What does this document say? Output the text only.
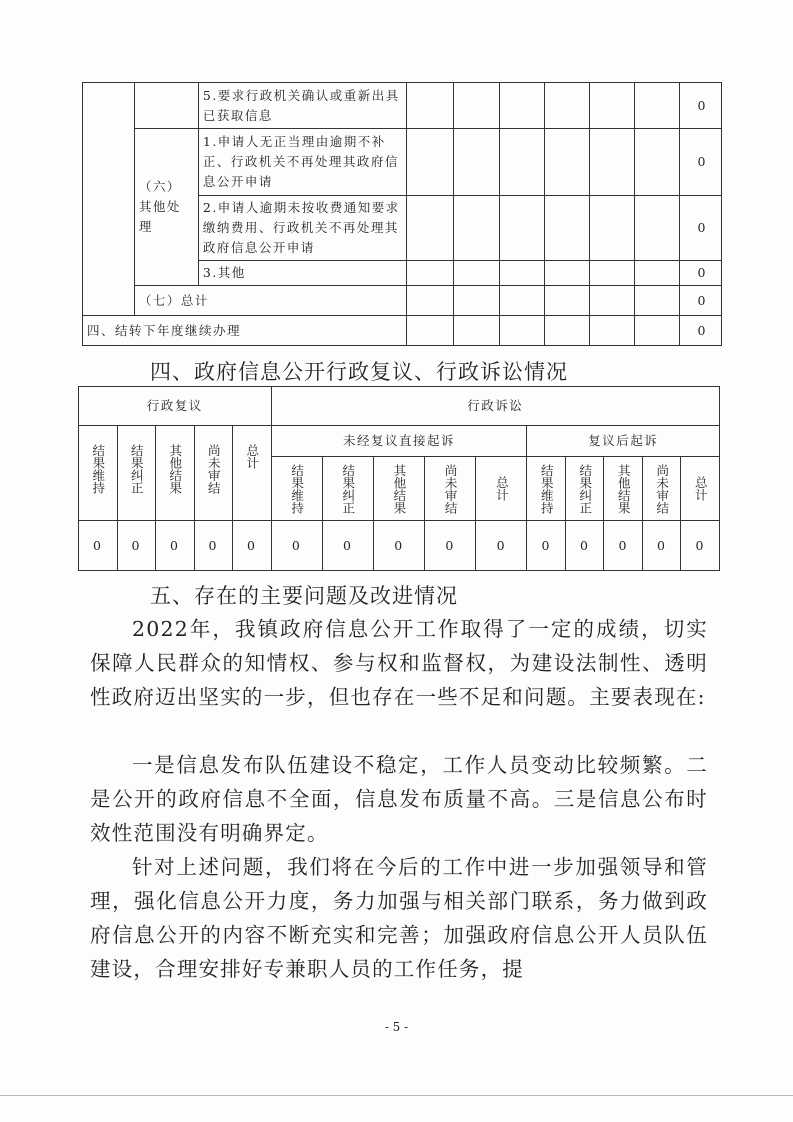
		5.要求行政机关确认或重新出具已获取信息							0
	（六）其他处理	1.申请人无正当理由逾期不补正、行政机关不再处理其政府信息公开申请							0
		2.申请人逾期未按收费通知要求缴纳费用、行政机关不再处理其政府信息公开申请							0
		3.其他							0
	（七）总计								0
四、结转下年度继续办理									0
四、政府信息公开行政复议、行政诉讼情况
行政复议					行政诉讼									

结果维持	结果纠正	其他结果	尚未审结	总计	未经复议直接起诉					复议后起诉				

					结果维持	结果纠正	其他结果	尚未审结	总计	结果维持	结果纠正	其他结果	尚未审结	总计

0	0	0	0	0	0	0	0	0	0	0	0	0	0	0
五、存在的主要问题及改进情况

2022年，我镇政府信息公开工作取得了一定的成绩，切实保障人民群众的知情权、参与权和监督权，为建设法制性、透明性政府迈出坚实的一步，但也存在一些不足和问题。主要表现在:

一是信息发布队伍建设不稳定，工作人员变动比较频繁。二是公开的政府信息不全面，信息发布质量不高。三是信息公布时效性范围没有明确界定。

针对上述问题，我们将在今后的工作中进一步加强领导和管理，强化信息公开力度，务力加强与相关部门联系，务力做到政府信息公开的内容不断充实和完善；加强政府信息公开人员队伍建设，合理安排好专兼职人员的工作任务，提

- 5 -
